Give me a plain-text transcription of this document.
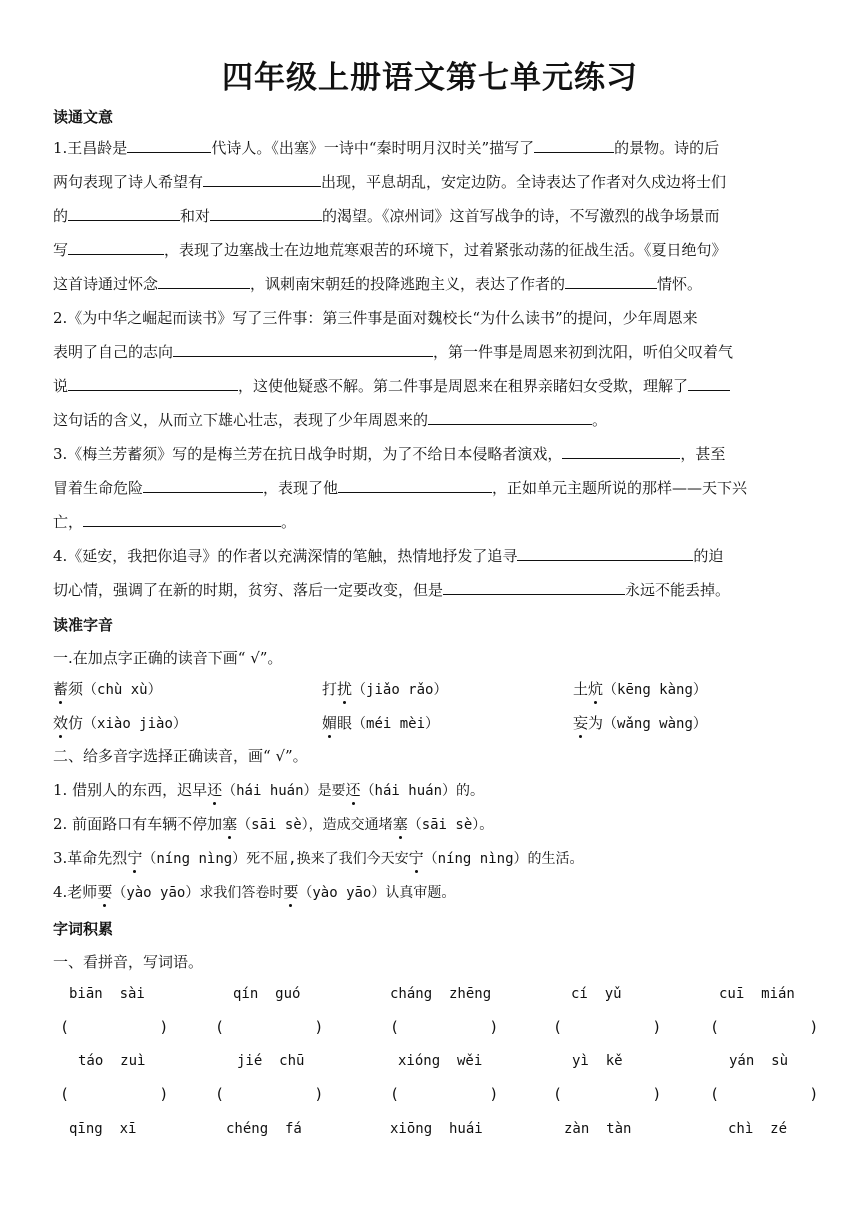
四年级上册语文第七单元练习
读通文意
1.王昌龄是	代诗人。《出塞》一诗中“秦时明月汉时关”描写了	的景物。诗的后
两句表现了诗人希望有	出现，平息胡乱，安定边防。全诗表达了作者对久戍边将士们
的	和对	的渴望。《凉州词》这首写战争的诗，不写激烈的战争场景而
写	，表现了边塞战士在边地荒寒艰苦的环境下，过着紧张动荡的征战生活。《夏日绝句》
这首诗通过怀念	，讽刺南宋朝廷的投降逃跑主义，表达了作者的	情怀。
2.《为中华之崛起而读书》写了三件事：第三件事是面对魏校长“为什么读书”的提问，少年周恩来
表明了自己的志向	，第一件事是周恩来初到沈阳，听伯父叹着气
说	，这使他疑惑不解。第二件事是周恩来在租界亲睹妇女受欺，理解了
这句话的含义，从而立下雄心壮志，表现了少年周恩来的	。
3.《梅兰芳蓄须》写的是梅兰芳在抗日战争时期，为了不给日本侵略者演戏，	，甚至
冒着生命危险	，表现了他	，正如单元主题所说的那样——天下兴
亡，	。
4.《延安，我把你追寻》的作者以充满深情的笔触，热情地抒发了追寻	的迫
切心情，强调了在新的时期，贫穷、落后一定要改变，但是	永远不能丢掉。
读准字音
一.在加点字正确的读音下画“ √”。
蓄须（chù xù）	打扰（jiǎo rǎo）	土炕（kēng kàng）
效仿（xiào jiào）	媚眼（méi mèi）	妄为（wǎng wàng）
二、给多音字选择正确读音，画“ √”。
1. 借别人的东西，迟早还（hái huán）是要还（hái huán）的。
2. 前面路口有车辆不停加塞（sāi sè），造成交通堵塞（sāi sè）。
3.革命先烈宁（níng nìng）死不屈,换来了我们今天安宁（níng nìng）的生活。
4.老师要（yào yāo）求我们答卷时要（yào yāo）认真审题。
字词积累
一、看拼音，写词语。
biān  sài	qín  guó	cháng  zhēng	cí  yǔ	cuī  mián
(          )	(          )	(          )	(          )	(          )
táo  zuì	jié  chū	xióng  wěi	yì  kě	yán  sù
(          )	(          )	(          )	(          )	(          )
qīng  xī	chéng  fá	xiōng  huái	zàn  tàn	chì  zé
